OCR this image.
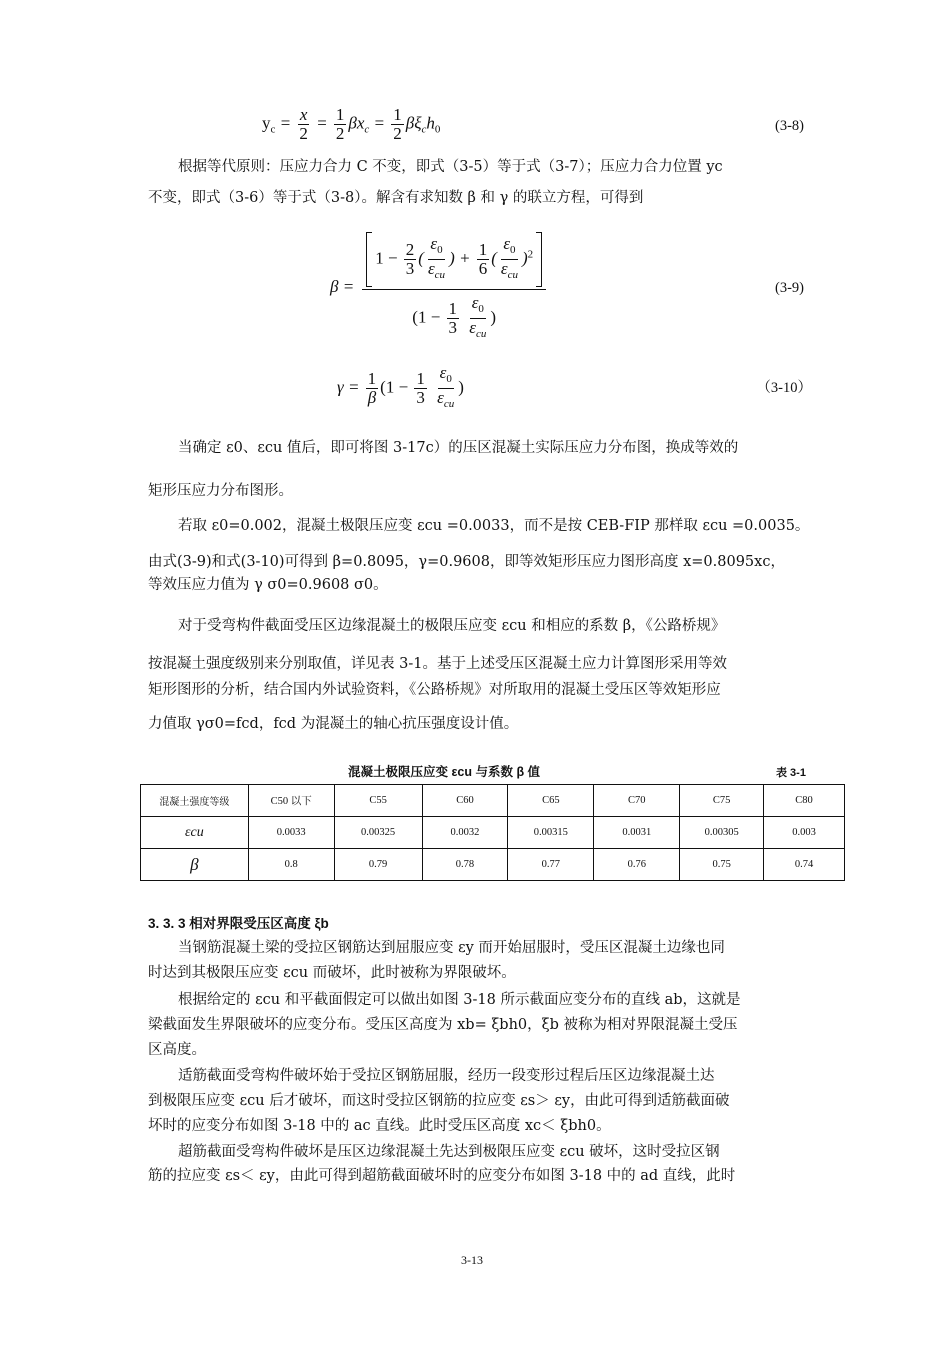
$y_c = \frac{x}{2} = \frac{1}{2} \beta x_c = \frac{1}{2} \beta\xi_ch_0$	(3-8)
根据等代原则：压应力合力 C 不变，即式（3-5）等于式（3-7）；压应力合力位置 yc
不变，即式（3-6）等于式（3-8）。解含有求知数 β 和 γ 的联立方程，可得到
$\beta = 1 - \frac{2}{3}$ ( $\frac{\varepsilon_0}{\varepsilon_{cu}}$ ) + $\frac{1}{6}$ ( $\frac{\varepsilon_0}{\varepsilon_{cu}} )^2$
($1 - \frac{1}{3}$
$\frac{\varepsilon_0}{\varepsilon_{cu}}$ )	(3-9)
$\gamma = \frac{1}{\beta} (1 - \frac{1}{3}$
$\frac{\varepsilon_0}{\varepsilon_{cu}}$ )	（3-10）
当确定 ε0、εcu 值后，即可将图 3-17c）的压区混凝土实际压应力分布图，换成等效的
矩形压应力分布图形。
若取 ε0=0.002，混凝土极限压应变 εcu =0.0033，而不是按 CEB-FIP 那样取 εcu =0.0035。
由式(3-9)和式(3-10)可得到 β=0.8095，γ=0.9608，即等效矩形压应力图形高度 x=0.8095xc，
等效压应力值为 γ σ0=0.9608 σ0。
对于受弯构件截面受压区边缘混凝土的极限压应变 εcu 和相应的系数 β，《公路桥规》
按混凝土强度级别来分别取值，详见表 3-1。基于上述受压区混凝土应力计算图形采用等效
矩形图形的分析，结合国内外试验资料，《公路桥规》对所取用的混凝土受压区等效矩形应
力值取 γσ0=fcd，fcd 为混凝土的轴心抗压强度设计值。
混凝土极限压应变 εcu 与系数 β 值	表 3-1
混凝土强度等级	C50 以下	C55	C60	C65	C70	C75	C80
εcu	0.0033	0.00325	0.0032	0.00315	0.0031	0.00305	0.003
β	0.8	0.79	0.78	0.77	0.76	0.75	0.74
3. 3. 3 相对界限受压区高度 ξb
当钢筋混凝土梁的受拉区钢筋达到屈服应变 εy 而开始屈服时，受压区混凝土边缘也同
时达到其极限压应变 εcu 而破坏，此时被称为界限破坏。
根据给定的 εcu 和平截面假定可以做出如图 3-18 所示截面应变分布的直线 ab，这就是
梁截面发生界限破坏的应变分布。受压区高度为 xb= ξbh0，ξb 被称为相对界限混凝土受压
区高度。
适筋截面受弯构件破坏始于受拉区钢筋屈服，经历一段变形过程后压区边缘混凝土达
到极限压应变 εcu 后才破坏，而这时受拉区钢筋的拉应变 εs＞ εy，由此可得到适筋截面破
坏时的应变分布如图 3-18 中的 ac 直线。此时受压区高度 xc＜ ξbh0。
超筋截面受弯构件破坏是压区边缘混凝土先达到极限压应变 εcu 破坏，这时受拉区钢
筋的拉应变 εs＜ εy，由此可得到超筋截面破坏时的应变分布如图 3-18 中的 ad 直线，此时
3-13
